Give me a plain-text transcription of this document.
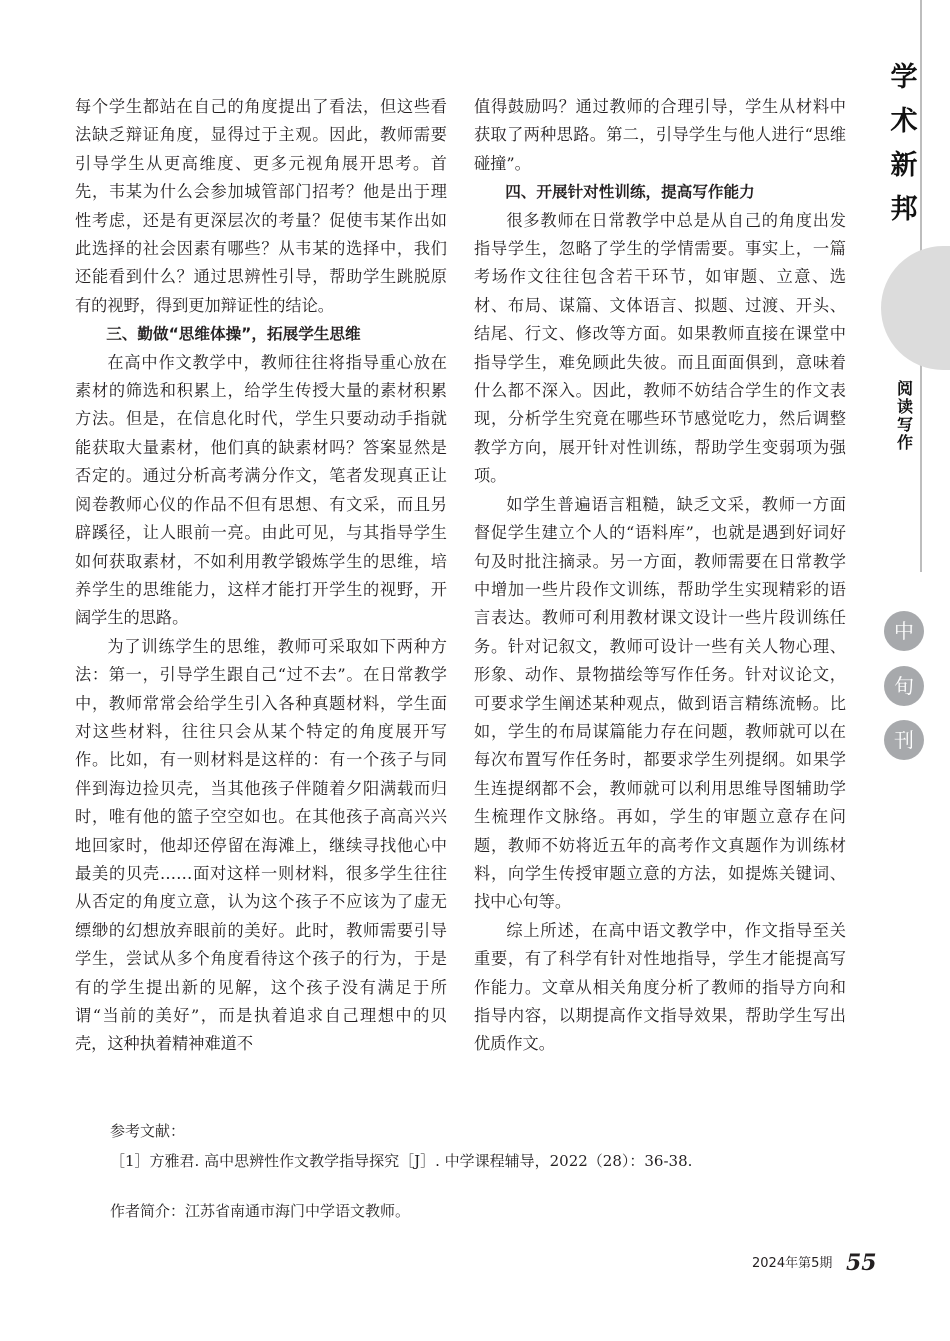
学
术
新
邦
阅
读
写
作
中
旬
刊

每个学生都站在自己的角度提出了看法，但这些看法缺乏辩证角度，显得过于主观。因此，教师需要引导学生从更高维度、更多元视角展开思考。首先，韦某为什么会参加城管部门招考？他是出于理性考虑，还是有更深层次的考量？促使韦某作出如此选择的社会因素有哪些？从韦某的选择中，我们还能看到什么？通过思辨性引导，帮助学生跳脱原有的视野，得到更加辩证性的结论。

三、勤做“思维体操”，拓展学生思维

在高中作文教学中，教师往往将指导重心放在素材的筛选和积累上，给学生传授大量的素材积累方法。但是，在信息化时代，学生只要动动手指就能获取大量素材，他们真的缺素材吗？答案显然是否定的。通过分析高考满分作文，笔者发现真正让阅卷教师心仪的作品不但有思想、有文采，而且另辟蹊径，让人眼前一亮。由此可见，与其指导学生如何获取素材，不如利用教学锻炼学生的思维，培养学生的思维能力，这样才能打开学生的视野，开阔学生的思路。

为了训练学生的思维，教师可采取如下两种方法：第一，引导学生跟自己“过不去”。在日常教学中，教师常常会给学生引入各种真题材料，学生面对这些材料，往往只会从某个特定的角度展开写作。比如，有一则材料是这样的：有一个孩子与同伴到海边捡贝壳，当其他孩子伴随着夕阳满载而归时，唯有他的篮子空空如也。在其他孩子高高兴兴地回家时，他却还停留在海滩上，继续寻找他心中最美的贝壳……面对这样一则材料，很多学生往往从否定的角度立意，认为这个孩子不应该为了虚无缥缈的幻想放弃眼前的美好。此时，教师需要引导学生，尝试从多个角度看待这个孩子的行为，于是有的学生提出新的见解，这个孩子没有满足于所谓“当前的美好”，而是执着追求自己理想中的贝壳，这种执着精神难道不

值得鼓励吗？通过教师的合理引导，学生从材料中获取了两种思路。第二，引导学生与他人进行“思维碰撞”。

四、开展针对性训练，提高写作能力

很多教师在日常教学中总是从自己的角度出发指导学生，忽略了学生的学情需要。事实上，一篇考场作文往往包含若干环节，如审题、立意、选材、布局、谋篇、文体语言、拟题、过渡、开头、结尾、行文、修改等方面。如果教师直接在课堂中指导学生，难免顾此失彼。而且面面俱到，意味着什么都不深入。因此，教师不妨结合学生的作文表现，分析学生究竟在哪些环节感觉吃力，然后调整教学方向，展开针对性训练，帮助学生变弱项为强项。

如学生普遍语言粗糙，缺乏文采，教师一方面督促学生建立个人的“语料库”，也就是遇到好词好句及时批注摘录。另一方面，教师需要在日常教学中增加一些片段作文训练，帮助学生实现精彩的语言表达。教师可利用教材课文设计一些片段训练任务。针对记叙文，教师可设计一些有关人物心理、形象、动作、景物描绘等写作任务。针对议论文，可要求学生阐述某种观点，做到语言精练流畅。比如，学生的布局谋篇能力存在问题，教师就可以在每次布置写作任务时，都要求学生列提纲。如果学生连提纲都不会，教师就可以利用思维导图辅助学生梳理作文脉络。再如，学生的审题立意存在问题，教师不妨将近五年的高考作文真题作为训练材料，向学生传授审题立意的方法，如提炼关键词、找中心句等。

综上所述，在高中语文教学中，作文指导至关重要，有了科学有针对性地指导，学生才能提高写作能力。文章从相关角度分析了教师的指导方向和指导内容，以期提高作文指导效果，帮助学生写出优质作文。

参考文献：
［1］方雅君. 高中思辨性作文教学指导探究［J］. 中学课程辅导，2022（28）：36-38.
作者简介：江苏省南通市海门中学语文教师。
2024年第5期 55
